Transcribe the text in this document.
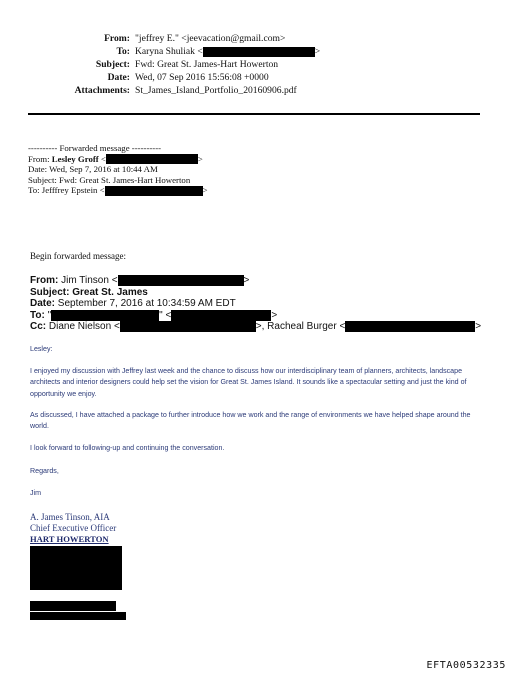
From: "jeffrey E." <jeevacation@gmail.com>
To: Karyna Shuliak <	>
Subject: Fwd: Great St. James-Hart Howerton
Date: Wed, 07 Sep 2016 15:56:08 +0000
Attachments: St_James_Island_Portfolio_20160906.pdf
---------- Forwarded message ----------
From: Lesley Groff <	>
Date: Wed, Sep 7, 2016 at 10:44 AM
Subject: Fwd: Great St. James-Hart Howerton
To: Jefffrey Epstein <	>
Begin forwarded message:
From: Jim Tinson <	>
Subject: Great St. James
Date: September 7, 2016 at 10:34:59 AM EDT
To: "	" <	>
Cc: Diane Nielson <	>, Racheal Burger <	>
Lesley:
I enjoyed my discussion with Jeffrey last week and the chance to discuss how our interdisciplinary team of planners, architects, landscape architects and interior designers could help set the vision for Great St. James Island. It sounds like a spectacular setting and just the kind of opportunity we enjoy.
As discussed, I have attached a package to further introduce how we work and the range of environments we have helped shape around the world.
I look forward to following-up and continuing the conversation.
Regards,
Jim
A. James Tinson, AIA
Chief Executive Officer
HART HOWERTON
EFTA00532335
